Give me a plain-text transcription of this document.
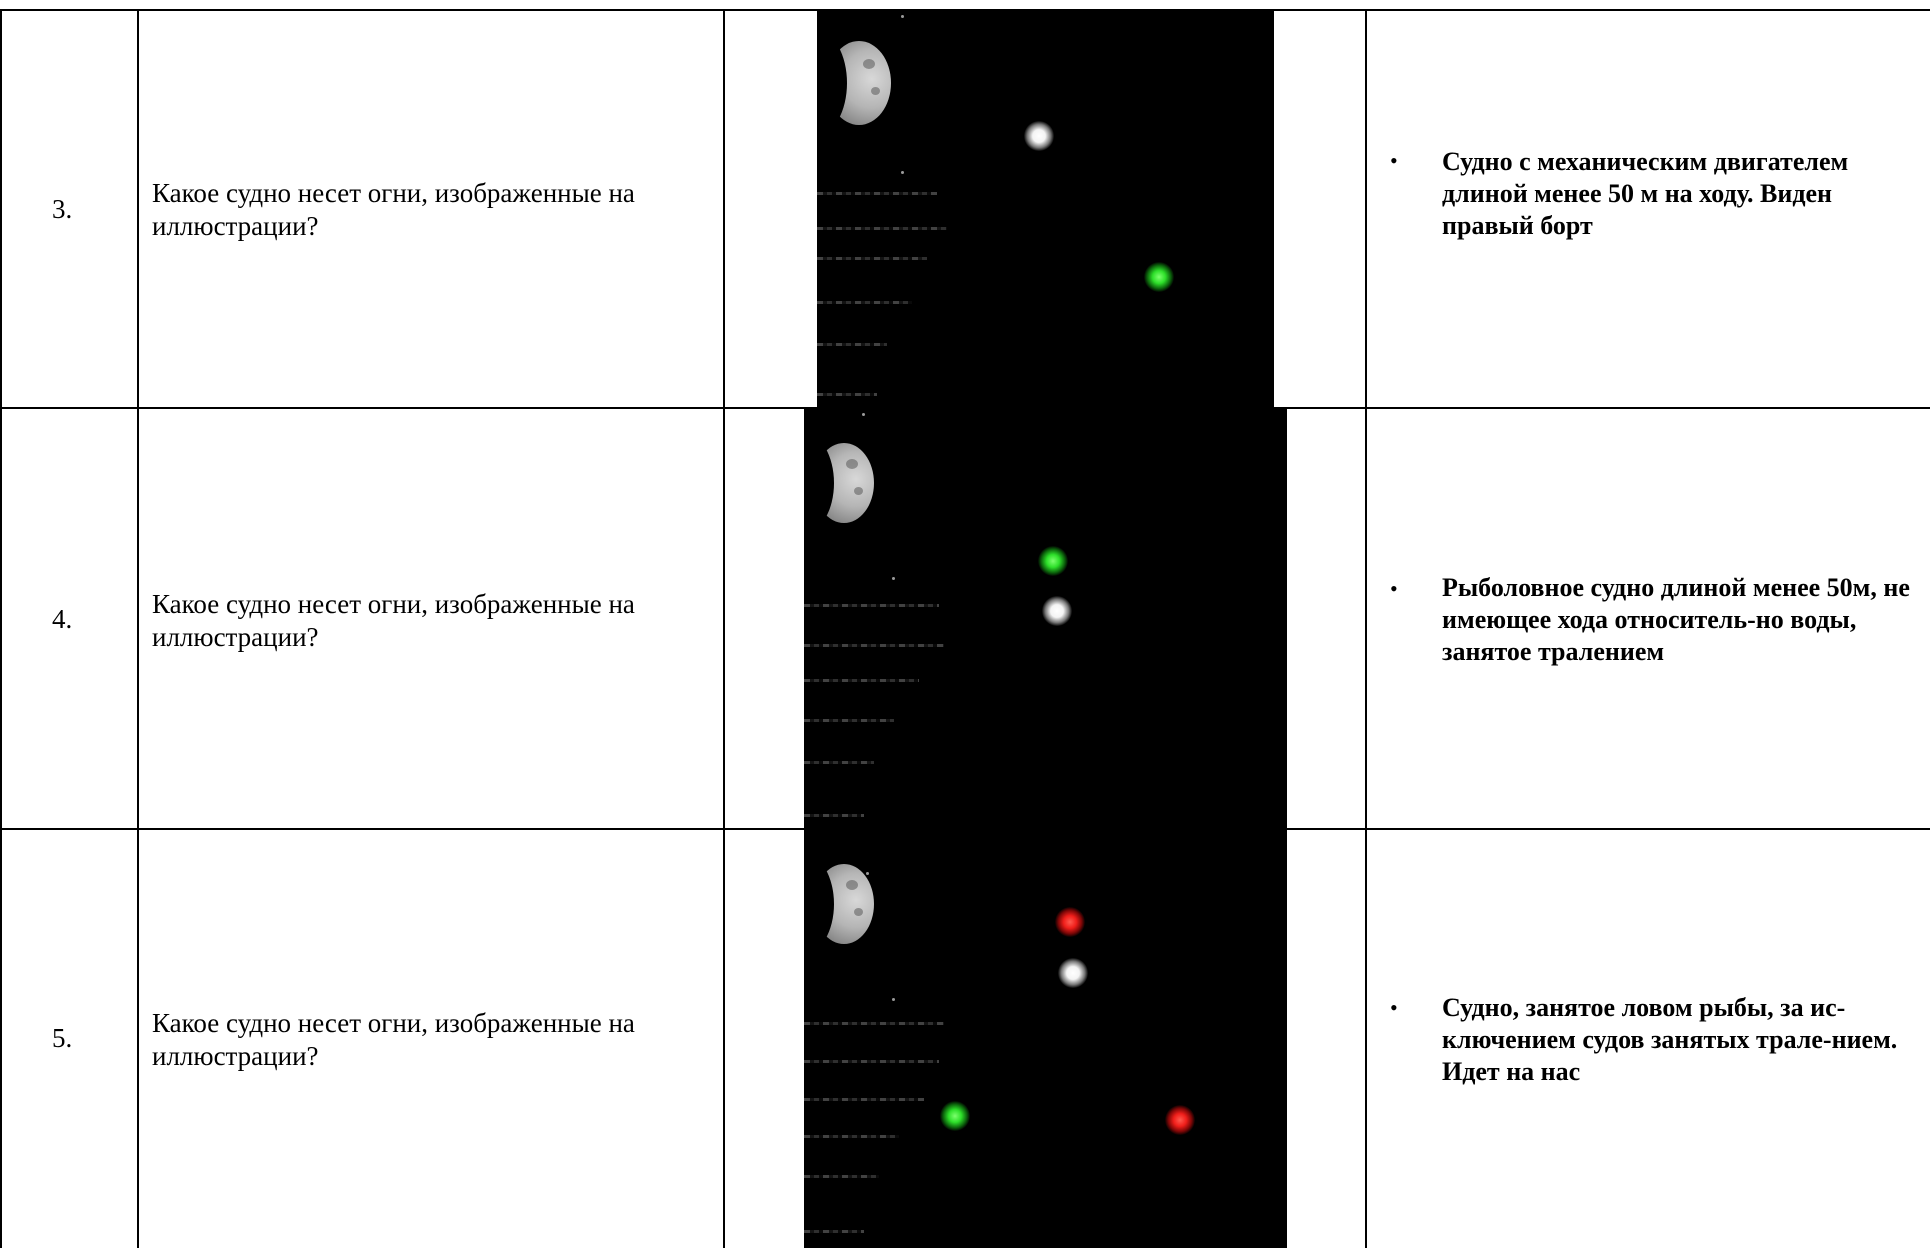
3.
Какое судно несет огни, изображенные на иллюстрации?
• Судно с механическим двигателем длиной менее 50 м на ходу. Виден правый борт
4.	Какое судно несет огни, изображенные на иллюстрации?
• Рыболовное судно длиной менее 50м, не имеющее хода относитель-но воды, занятое тралением
5.	Какое судно несет огни, изображенные на иллюстрации?
• Судно, занятое ловом рыбы, за ис-ключением судов занятых трале-нием. Идет на нас
